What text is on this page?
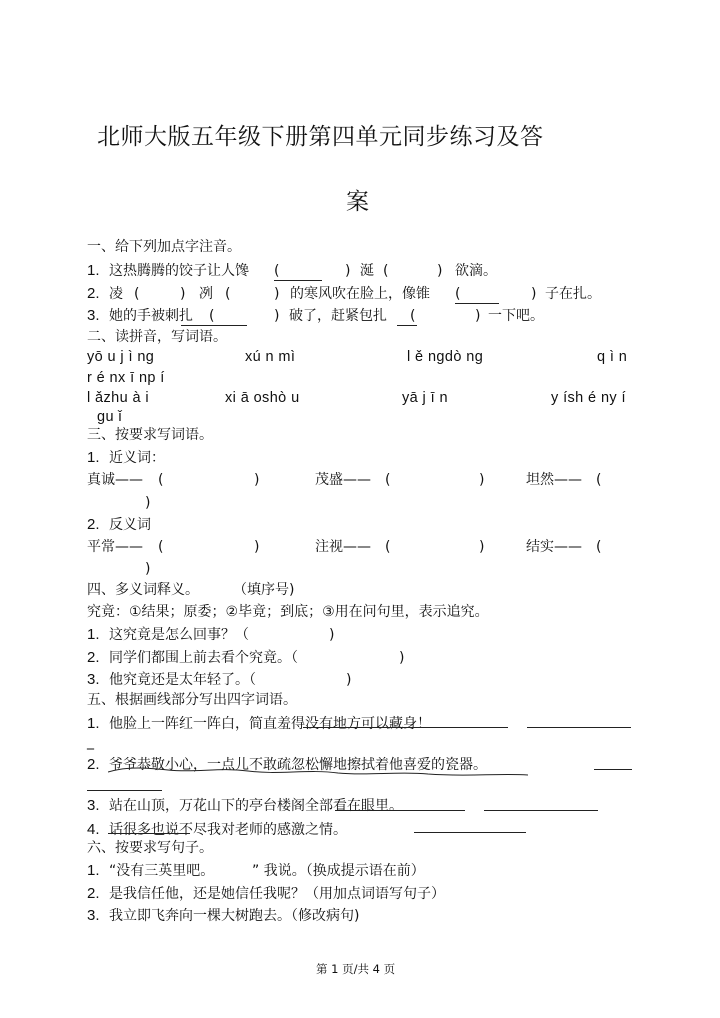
北师大版五年级下册第四单元同步练习及答
案
一、给下列加点字注音。
1. 这热腾腾的饺子让人馋 (	) 涎 (	) 欲滴。
2. 凌 (	) 冽 (	) 的寒风吹在脸上，像锥 (	) 子在扎。
3. 她的手被刺扎 (	) 破了，赶紧包扎 (	) 一下吧。
二、读拼音，写词语。
yō u j ì ng	xú n mì	l ě ngdò ng	q ì n
r é nx ī np í
l ǎzhu à i	xi ā oshò u	yā j ī n	y ísh é ny í
gu ǐ
三、按要求写词语。
1. 近义词：
真诚—— (	)	茂盛—— (	)	坦然—— (
)
2. 反义词
平常—— (	)	注视—— (	)	结实—— (
)
四、多义词释义。 （填序号)
究竟：①结果；原委；②毕竟；到底；③用在问句里，表示追究。
1. 这究竟是怎么回事？（	)
2. 同学们都围上前去看个究竟。（	)
3. 他究竟还是太年轻了。（	)
五、根据画线部分写出四字词语。
1. 他脸上一阵红一阵白，简直羞得没有地方可以藏身！
_
2. 爷爷恭敬小心，一点儿不敢疏忽松懈地擦拭着他喜爱的瓷器。
3. 站在山顶，万花山下的亭台楼阁全部看在眼里。
4. 话很多也说不尽我对老师的感激之情。
六、按要求写句子。
1. “没有三英里吧。	” 我说。（换成提示语在前）
2. 是我信任他，还是她信任我呢？（用加点词语写句子）
3. 我立即飞奔向一棵大树跑去。（修改病句)
第 1 页/共 4 页
